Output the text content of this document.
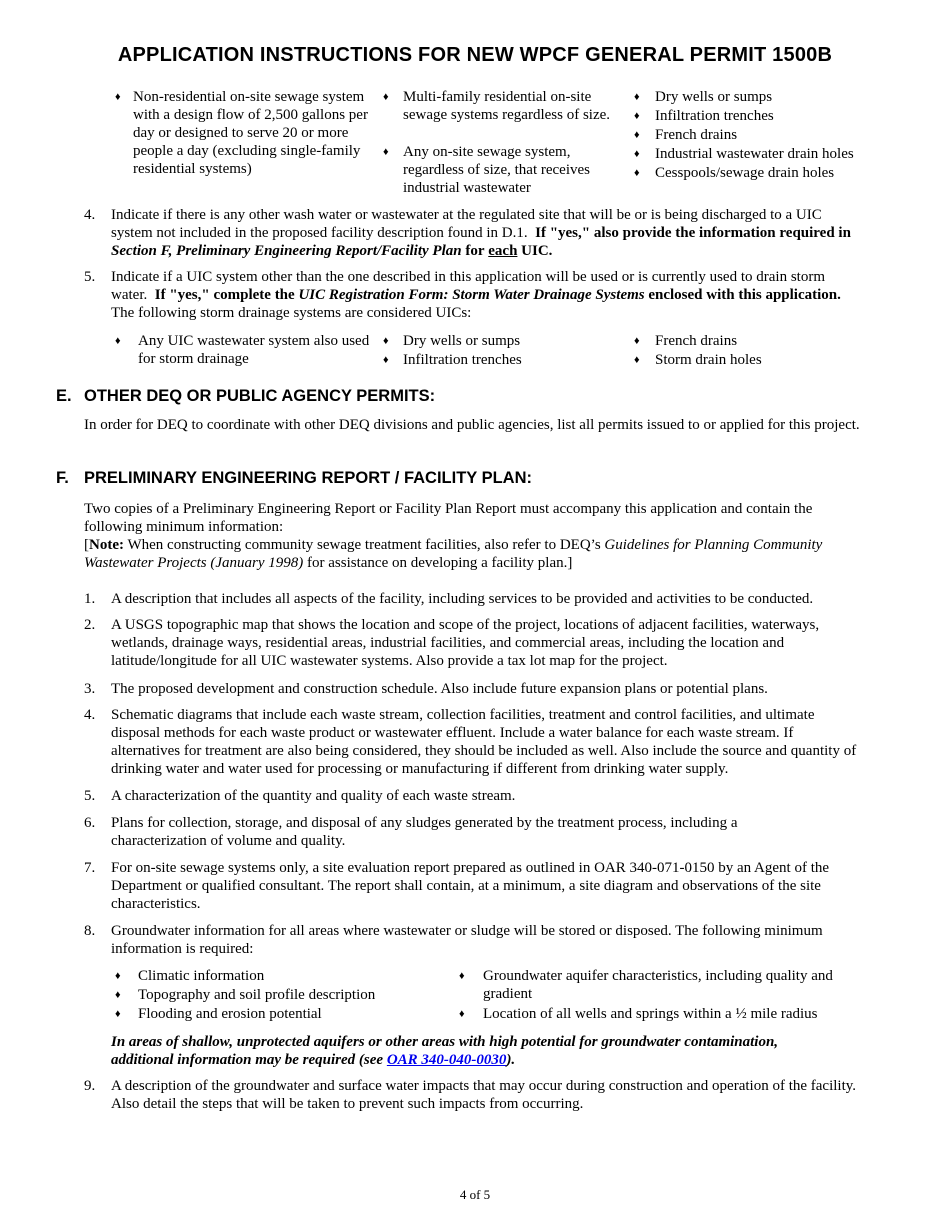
APPLICATION INSTRUCTIONS FOR NEW WPCF GENERAL PERMIT 1500B
♦ Non-residential on-site sewage system with a design flow of 2,500 gallons per day or designed to serve 20 or more people a day (excluding single-family residential systems)
♦ Multi-family residential on-site sewage systems regardless of size.
♦ Any on-site sewage system, regardless of size, that receives industrial wastewater
♦ Dry wells or sumps
♦ Infiltration trenches
♦ French drains
♦ Industrial wastewater drain holes
♦ Cesspools/sewage drain holes
4. Indicate if there is any other wash water or wastewater at the regulated site that will be or is being discharged to a UIC system not included in the proposed facility description found in D.1. If "yes," also provide the information required in Section F, Preliminary Engineering Report/Facility Plan for each UIC.
5. Indicate if a UIC system other than the one described in this application will be used or is currently used to drain storm water. If "yes," complete the UIC Registration Form: Storm Water Drainage Systems enclosed with this application.  The following storm drainage systems are considered UICs:
♦ Any UIC wastewater system also used for storm drainage
♦ Dry wells or sumps
♦ Infiltration trenches
♦ French drains
♦ Storm drain holes
E. OTHER DEQ OR PUBLIC AGENCY PERMITS:
In order for DEQ to coordinate with other DEQ divisions and public agencies, list all permits issued to or applied for this project.
F. PRELIMINARY ENGINEERING REPORT / FACILITY PLAN:
Two copies of a Preliminary Engineering Report or Facility Plan Report must accompany this application and contain the following minimum information:
[Note: When constructing community sewage treatment facilities, also refer to DEQ’s Guidelines for Planning Community Wastewater Projects (January 1998) for assistance on developing a facility plan.]
1. A description that includes all aspects of the facility, including services to be provided and activities to be conducted.
2. A USGS topographic map that shows the location and scope of the project, locations of adjacent facilities, waterways, wetlands, drainage ways, residential areas, industrial facilities, and commercial areas, including the location and latitude/longitude for all UIC wastewater systems. Also provide a tax lot map for the project.
3. The proposed development and construction schedule. Also include future expansion plans or potential plans.
4. Schematic diagrams that include each waste stream, collection facilities, treatment and control facilities, and ultimate disposal methods for each waste product or wastewater effluent. Include a water balance for each waste stream. If alternatives for treatment are also being considered, they should be included as well. Also include the source and quantity of drinking water and water used for processing or manufacturing if different from drinking water supply.
5. A characterization of the quantity and quality of each waste stream.
6. Plans for collection, storage, and disposal of any sludges generated by the treatment process, including a characterization of volume and quality.
7. For on-site sewage systems only, a site evaluation report prepared as outlined in OAR 340-071-0150 by an Agent of the Department or qualified consultant. The report shall contain, at a minimum, a site diagram and observations of the site characteristics.
8. Groundwater information for all areas where wastewater or sludge will be stored or disposed. The following minimum information is required:
♦ Climatic information
♦ Topography and soil profile description
♦ Flooding and erosion potential
♦ Groundwater aquifer characteristics, including quality and gradient
♦ Location of all wells and springs within a ½ mile radius
In areas of shallow, unprotected aquifers or other areas with high potential for groundwater contamination, additional information may be required (see OAR 340-040-0030).
9. A description of the groundwater and surface water impacts that may occur during construction and operation of the facility. Also detail the steps that will be taken to prevent such impacts from occurring.
4 of 5
